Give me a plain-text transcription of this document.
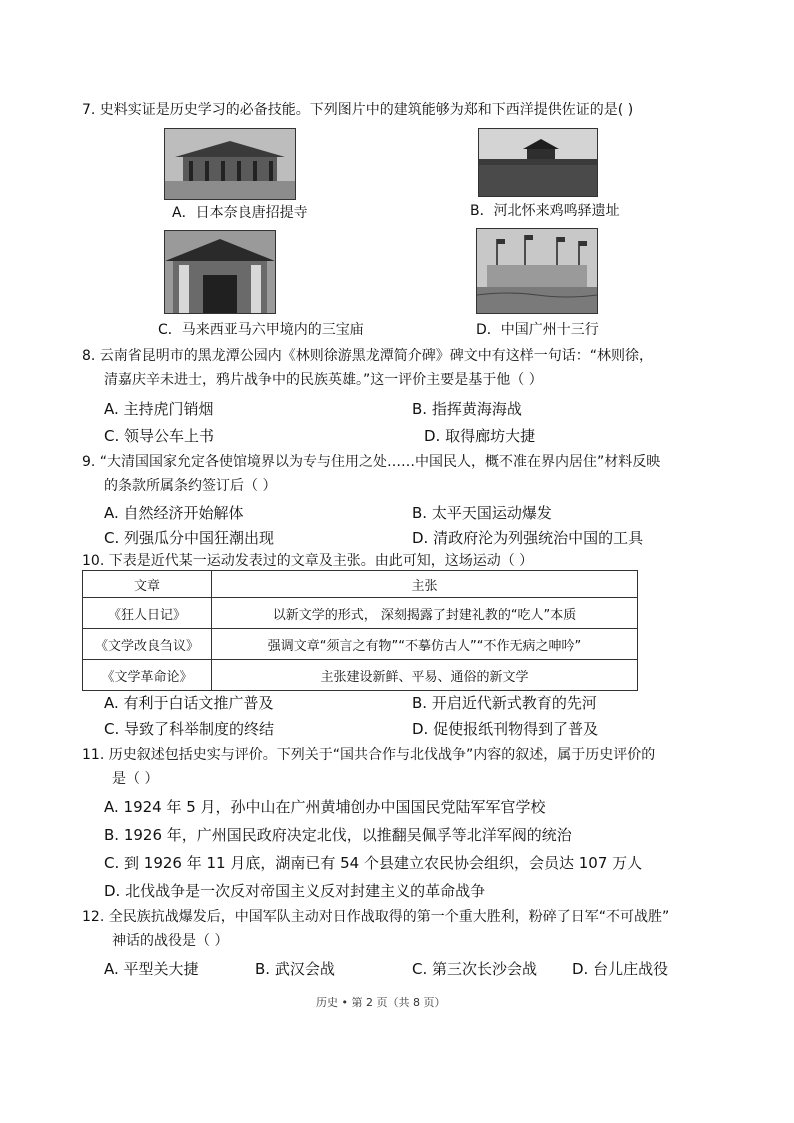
7. 史料实证是历史学习的必备技能。下列图片中的建筑能够为郑和下西洋提供佐证的是( )
A．日本奈良唐招提寺	B．河北怀来鸡鸣驿遗址
C．马来西亚马六甲境内的三宝庙	D．中国广州十三行
8. 云南省昆明市的黑龙潭公园内《林则徐游黑龙潭简介碑》碑文中有这样一句话：“林则徐，
清嘉庆辛未进士，鸦片战争中的民族英雄。”这一评价主要是基于他（ ）
A. 主持虎门销烟	B. 指挥黄海海战
C. 领导公车上书	D. 取得廊坊大捷
9. “大清国国家允定各使馆境界以为专与住用之处……中国民人，概不准在界内居住”材料反映
的条款所属条约签订后（ ）
A. 自然经济开始解体	B. 太平天国运动爆发
C. 列强瓜分中国狂潮出现	D. 清政府沦为列强统治中国的工具
10. 下表是近代某一运动发表过的文章及主张。由此可知，这场运动（ ）
文章	主张
《狂人日记》	以新文学的形式， 深刻揭露了封建礼教的“吃人”本质
《文学改良刍议》	强调文章“须言之有物”“不摹仿古人”“不作无病之呻吟”
《文学革命论》	主张建设新鲜、平易、通俗的新文学
A. 有利于白话文推广普及	B. 开启近代新式教育的先河
C. 导致了科举制度的终结	D. 促使报纸刊物得到了普及
11. 历史叙述包括史实与评价。下列关于“国共合作与北伐战争”内容的叙述，属于历史评价的
是（ ）
A. 1924 年 5 月，孙中山在广州黄埔创办中国国民党陆军军官学校
B. 1926 年，广州国民政府决定北伐，以推翻吴佩孚等北洋军阀的统治
C. 到 1926 年 11 月底，湖南已有 54 个县建立农民协会组织，会员达 107 万人
D. 北伐战争是一次反对帝国主义反对封建主义的革命战争
12. 全民族抗战爆发后，中国军队主动对日作战取得的第一个重大胜利，粉碎了日军“不可战胜”
神话的战役是（ ）
A. 平型关大捷	B. 武汉会战	C. 第三次长沙会战 D. 台儿庄战役
历史 • 第 2 页（共 8 页）
